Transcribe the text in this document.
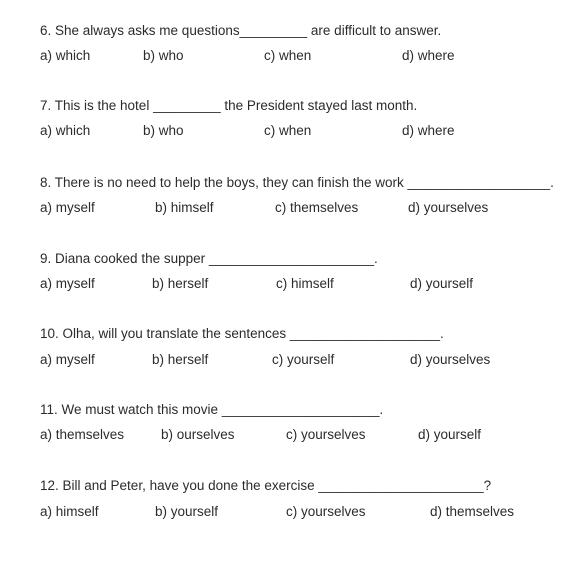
6. She always asks me questions_________ are difficult to answer.
a) which	b) who	c) when	d) where
7. This is the hotel _________ the President stayed last month.
a) which	b) who	c) when	d) where
8. There is no need to help the boys, they can finish the work ___________________.
a) myself	b) himself	c) themselves	d) yourselves
9. Diana cooked the supper ______________________.
a) myself	b) herself	c) himself	d) yourself
10. Olha, will you translate the sentences ____________________.
a) myself	b) herself	c) yourself	d) yourselves
11. We must watch this movie _____________________.
a) themselves	b) ourselves	c) yourselves	d) yourself
12. Bill and Peter, have you done the exercise ______________________?
a) himself	b) yourself	c) yourselves	d) themselves
